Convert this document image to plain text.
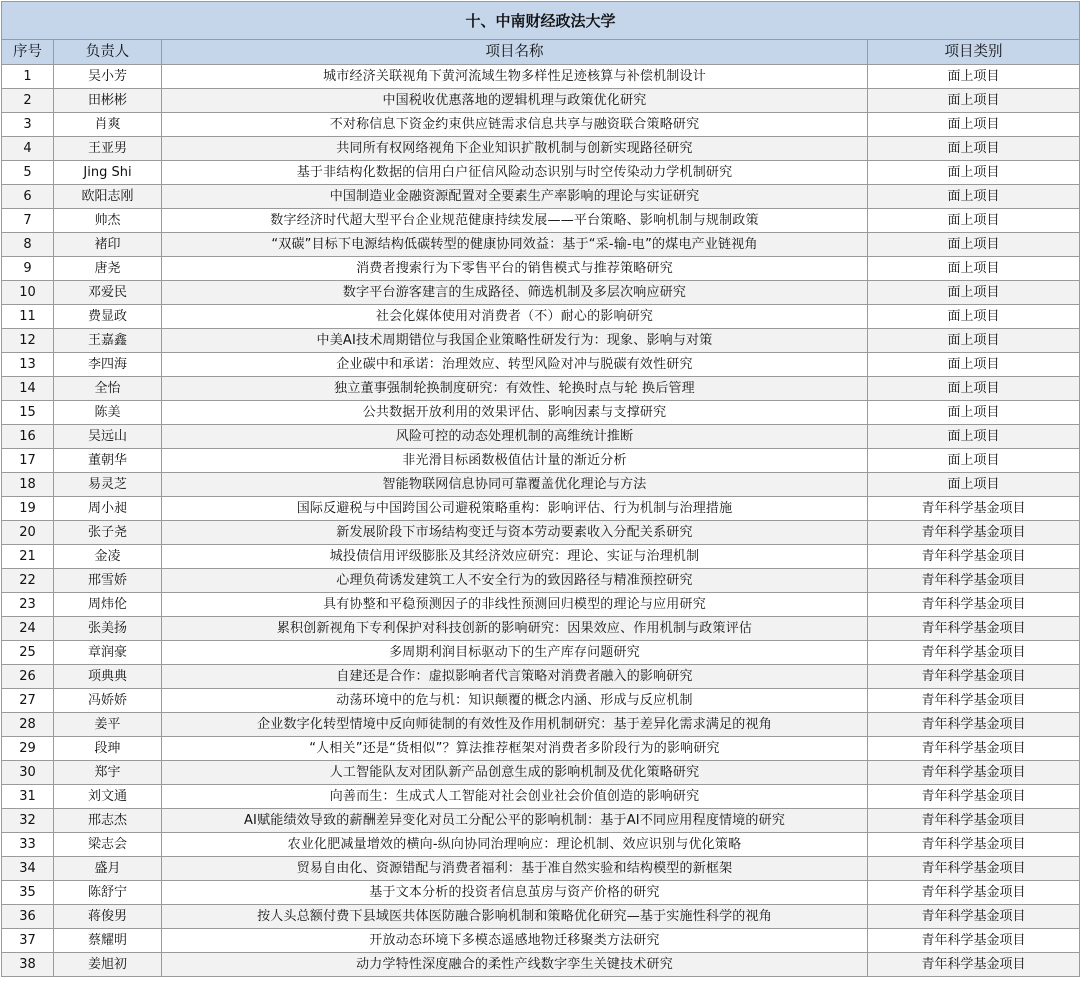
十、中南财经政法大学			
序号	负责人	项目名称	项目类别
1	吴小芳	城市经济关联视角下黄河流域生物多样性足迹核算与补偿机制设计	面上项目
2	田彬彬	中国税收优惠落地的逻辑机理与政策优化研究	面上项目
3	肖爽	不对称信息下资金约束供应链需求信息共享与融资联合策略研究	面上项目
4	王亚男	共同所有权网络视角下企业知识扩散机制与创新实现路径研究	面上项目
5	Jing Shi	基于非结构化数据的信用白户征信风险动态识别与时空传染动力学机制研究	面上项目
6	欧阳志刚	中国制造业金融资源配置对全要素生产率影响的理论与实证研究	面上项目
7	帅杰	数字经济时代超大型平台企业规范健康持续发展——平台策略、影响机制与规制政策	面上项目
8	褚印	“双碳”目标下电源结构低碳转型的健康协同效益：基于“采-输-电”的煤电产业链视角	面上项目
9	唐尧	消费者搜索行为下零售平台的销售模式与推荐策略研究	面上项目
10	邓爱民	数字平台游客建言的生成路径、筛选机制及多层次响应研究	面上项目
11	费显政	社会化媒体使用对消费者（不）耐心的影响研究	面上项目
12	王嘉鑫	中美AI技术周期错位与我国企业策略性研发行为：现象、影响与对策	面上项目
13	李四海	企业碳中和承诺：治理效应、转型风险对冲与脱碳有效性研究	面上项目
14	全怡	独立董事强制轮换制度研究：有效性、轮换时点与轮 换后管理	面上项目
15	陈美	公共数据开放利用的效果评估、影响因素与支撑研究	面上项目
16	吴远山	风险可控的动态处理机制的高维统计推断	面上项目
17	董朝华	非光滑目标函数极值估计量的渐近分析	面上项目
18	易灵芝	智能物联网信息协同可靠覆盖优化理论与方法	面上项目
19	周小昶	国际反避税与中国跨国公司避税策略重构：影响评估、行为机制与治理措施	青年科学基金项目
20	张子尧	新发展阶段下市场结构变迁与资本劳动要素收入分配关系研究	青年科学基金项目
21	金凌	城投债信用评级膨胀及其经济效应研究：理论、实证与治理机制	青年科学基金项目
22	邢雪娇	心理负荷诱发建筑工人不安全行为的致因路径与精准预控研究	青年科学基金项目
23	周炜伦	具有协整和平稳预测因子的非线性预测回归模型的理论与应用研究	青年科学基金项目
24	张美扬	累积创新视角下专利保护对科技创新的影响研究：因果效应、作用机制与政策评估	青年科学基金项目
25	章润豪	多周期利润目标驱动下的生产库存问题研究	青年科学基金项目
26	项典典	自建还是合作：虚拟影响者代言策略对消费者融入的影响研究	青年科学基金项目
27	冯娇娇	动荡环境中的危与机：知识颠覆的概念内涵、形成与反应机制	青年科学基金项目
28	姜平	企业数字化转型情境中反向师徒制的有效性及作用机制研究：基于差异化需求满足的视角	青年科学基金项目
29	段珅	“人相关”还是“货相似”？算法推荐框架对消费者多阶段行为的影响研究	青年科学基金项目
30	郑宇	人工智能队友对团队新产品创意生成的影响机制及优化策略研究	青年科学基金项目
31	刘文通	向善而生：生成式人工智能对社会创业社会价值创造的影响研究	青年科学基金项目
32	邢志杰	AI赋能绩效导致的薪酬差异变化对员工分配公平的影响机制：基于AI不同应用程度情境的研究	青年科学基金项目
33	梁志会	农业化肥减量增效的横向-纵向协同治理响应：理论机制、效应识别与优化策略	青年科学基金项目
34	盛月	贸易自由化、资源错配与消费者福利：基于准自然实验和结构模型的新框架	青年科学基金项目
35	陈舒宁	基于文本分析的投资者信息茧房与资产价格的研究	青年科学基金项目
36	蒋俊男	按人头总额付费下县域医共体医防融合影响机制和策略优化研究—基于实施性科学的视角	青年科学基金项目
37	蔡耀明	开放动态环境下多模态遥感地物迁移聚类方法研究	青年科学基金项目
38	姜旭初	动力学特性深度融合的柔性产线数字孪生关键技术研究	青年科学基金项目
